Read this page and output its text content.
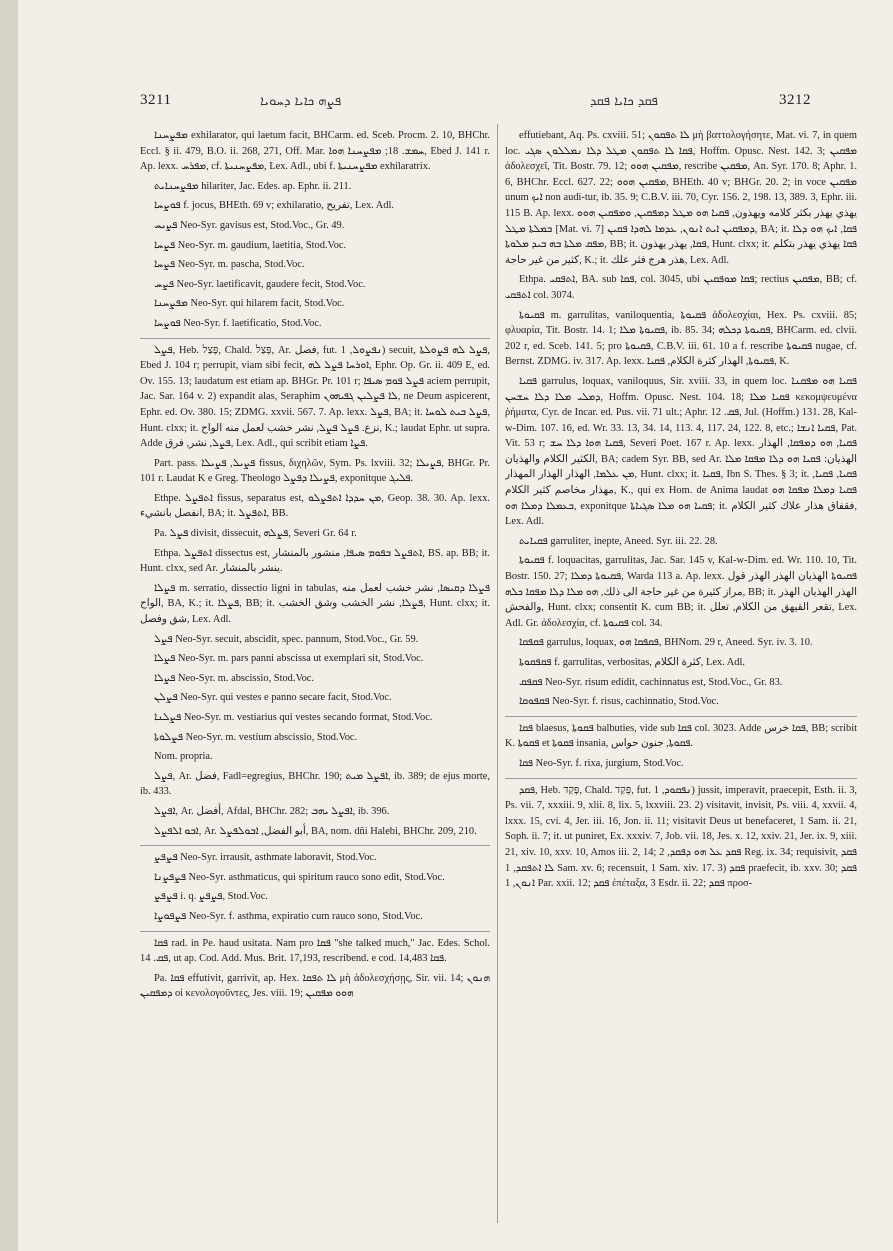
3211	ܦܨܗ ܟܐܝܐ ܕܚܘܝܐ	ܦܩܕ ܟܐܝܐ ܦܩܕ	3212

ܡܦܨܚܢܐ exhilarator, qui laetum facit, BHCarm. ed. Sceb. Procm. 2. 10, BHChr. Eccl. § ii. 479, B.O. ii. 268, 271, Off. Mar. ܚܡܫ. 18; ܡܦܨܚܢܐ ܗܘܐ, Ebed J. 141 r. Ap. lexx. ܡܦܪܚ, cf. ܡܦܨܚܢܝܬܐ, Lex. Adl., ubi f. ܡܦܨܚܢܝܬܐ exhilaratrix.

ܡܦܨܚܢܐܝܬ hilariter, Jac. Edes. ap. Ephr. ii. 211.

ܦܘܨܚܐ f. jocus, BHEth. 69 v; exhilaratio, تفريح, Lex. Adl.

ܦܨܝܚ Neo-Syr. gavisus est, Stod.Voc., Gr. 49.

ܦܨܚܐ Neo-Syr. m. gaudium, laetitia, Stod.Voc.

ܦܨܚܐ Neo-Syr. m. pascha, Stod.Voc.

ܦܨܚ Neo-Syr. laetificavit, gaudere fecit, Stod.Voc.

ܡܦܨܚܢܐ Neo-Syr. qui hilarem facit, Stod.Voc.

ܦܘܨܚܐ Neo-Syr. f. laetificatio, Stod.Voc.

ܦܨܠ, Heb. פָּצַל, Chald. פְּצַל, Ar. فصل, fut. ܢܦܨܘܠ, 1) secuit, ܦܨܠ ܠܗ ܦܨܘܠܬܐ, Ebed J. 104 r; perrupit, viam sibi fecit, ܐܘܪܚܐ ܦܨܠ ܠܗ, Ephr. Op. Gr. ii. 409 E, ed. Ov. 155. 13; laudatum est etiam ap. BHGr. Pr. 101 r; ܦܨܠ ܦܘܡ ܣܝܦܐ aciem perrupit, Jac. Sar. 164 v. 2) expandit alas, Seraphim ܠܐ ܦܨܠܝܢ ܓܦܝܗܘܢ, ne Deum aspicerent, Ephr. ed. Ov. 380. 15; ZDMG. xxvii. 567. 7. Ap. lexx. ܦܨܠ, BA; it. ܦܨܠ ܒܝܬ ܠܘܚܐ, Hunt. clxx; it. نزع. ܦܨܠ ܦܨܠ, نشر خشب لعمل منه الواح, K.; laudat Ephr. ut supra. Adde ܦܨܠ, نشر, فرق, Lex. Adl., qui scribit etiam ܦܨܐ.

Part. pass. ܦܨܝܠ, ܦܨܝܠܐ fissus, διχηλῶν, Sym. Ps. lxviii. 32; ܦܨܝܠܐ, BHGr. Pr. 101 r. Laudat K e Greg. Theologo ܦܨܝܠܐ ܕܦܨܠ, exponitque ܦܠܝܓ.

Ethpe. ܐܬܦܨܠ fissus, separatus est, ܡܢ ܚܕܕܐ ܐܬܦܨܠܘ, Geop. 38. 30. Ap. lexx. انفصل بانشيء, BA; it. ܐܬܦܨܠ, BB.

Pa. ܦܨܠ divisit, dissecuit, ܦܨܠܗ, Severi Gr. 64 r.

Ethpa. ܐܬܦܨܠ dissectus est, ܐܬܦܨܠ ܒܦܘܡ ܣܝܦܐ, منشور بالمنشار, BS. ap. BB; it. Hunt. clxx, sed Ar. ينشر بالمنشار.

ܦܨܠܐ m. serratio, dissectio ligni in tabulas, ܦܨܠܐ ܕܩܝܣܐ, نشر خشب لعمل منه الواح, BA, K.; it. ܦܨܠܐ, BB; it. ܦܨܠܐ, نشر الخشب وشق الخشب, Hunt. clxx; it. شق وفصل, Lex. Adl.

ܦܨܠ Neo-Syr. secuit, abscidit, spec. pannum, Stod.Voc., Gr. 59.

ܦܨܠܐ Neo-Syr. m. pars panni abscissa ut exemplari sit, Stod.Voc.

ܦܨܠܐ Neo-Syr. m. abscissio, Stod.Voc.

ܦܨܠܢ Neo-Syr. qui vestes e panno secare facit, Stod.Voc.

ܦܨܠܢܐ Neo-Syr. m. vestiarius qui vestes secando format, Stod.Voc.

ܦܨܠܘܬܐ Neo-Syr. m. vestium abscissio, Stod.Voc.

Nom. propria.

ܦܨܠ, Ar. فضل, Fadl=egregius, BHChr. 190; ܐܦܨܠ ܡܝܬ, ib. 389; de ejus morte, ib. 433.

ܐܦܨܠ, Ar. أفضل, Afdal, BHChr. 282; ܐܦܨܠ ܝܗܒ, ib. 396.

ܐܒܘ ܐܠܦܨܠ, Ar. أبو الفضل, ܐܒܘܠܦܨܠ, BA, nom. dñi Halebi, BHChr. 209, 210.

ܦܨܦܨ Neo-Syr. irrausit, asthmate laboravit, Stod.Voc.

ܦܨܦܨܢܐ Neo-Syr. asthmaticus, qui spiritum rauco sono edit, Stod.Voc.

ܦܨܦܨ i. q. ܦܨܦܨ, Stod.Voc.

ܦܨܦܘܨܐ Neo-Syr. f. asthma, expiratio cum rauco sono, Stod.Voc.

ܦܩܐ rad. in Pe. haud usitata. Nam pro ܦܩܐ "she talked much," Jac. Edes. Schol. ܦܩ. 14, ut ap. Cod. Add. Mus. Brit. 17,193, rescribend. e cod. 14,483 ܦܩܐ.

Pa. ܦܩܐ effutivit, garrivit, ap. Hex. ܠܐ ܬܦܩܐ μὴ ἀδολεσχήσῃς, Sir. vii. 14; ܗܢܘܢ ܕܡܦܩܝܢ οἱ κενολογοῦντες, Jes. viii. 19; ܗܘܘ ܡܦܩܝܢ

effutiebant, Aq. Ps. cxviii. 51; ܠܐ ܬܦܩܘܢ μὴ βαττολογήσητε, Mat. vi. 7, in quem loc. ܦܩܐ ܠܐ ܬܦܩܘܢ ܡܛܠ ܕܠܐ ܢܡܠܠܘܢ ܣܓܝ, Hoffm. Opusc. Nest. 142. 3; ܡܦܩܝܢ ἀδολεσχεῖ, Tit. Bostr. 79. 12; ܡܦܩܝܢ ܗܘܘ, rescribe ܡܦܩܝܢ, An. Syr. 170. 8; Aphr. 1. 6, BHChr. Eccl. 627. 22; ܡܦܩܝܢ ܗܘܘ, BHEth. 40 v; BHGr. 20. 2; in voce ܡܦܩܝܢ unum ܐܝܟ non audi-tur, ib. 35. 9; C.B.V. iii. 70, Cyr. 156. 2, 198. 13, 389. 3, Ephr. iii. 115 B. Ap. lexx. يهذي يهذر بكثر كلامه ويهذون, ܦܩܝܐ ܗܘ ܡܛܠ ܕܡܦܩܝܢ, ܘܡܦܩܝܢ ܗܘܘ ܒܡܠܬܐ ܡܛܠ [Mat. vi. 7] ܕܡܦܩܝܢ ܐܝܬ ܐܢܘܢ, ܥܕܡܐ ܠܗܕܐ ܦܩܝܢ, BA; it. ܦܩܐ, ܐܝܟ ܗܘ ܕܠܐ ܡܦܩ ܡܠܬܐ ܒܗ ܒܝܕ ܡܠܘܬܐ, BB; it. ܦܩܐ, يهذر يهذون, Hunt. clxx; it. ܦܩܐ يهذي يهذر بتكلم كثير من غير حاجة, K.; it. هذر هرج فثر علك, Lex. Adl.

Ethpa. ܐܬܦܩܝ, BA. sub ܦܩܐ, col. 3045, ubi ܦܩܐ ܡܘܦܩܝܢ; rectius ܡܦܩܝܢ, BB; cf. ܐܬܦܩܝ col. 3074.

ܦܩܝܘܬܐ m. garrulitas, vaniloquentia, ܦܩܝܘܬܐ ἀδολεσχίαι, Hex. Ps. cxviii. 85; φλυαρία, Tit. Bostr. 14. 1; ܦܩܝܘܬܐ ܡܠܐ, ib. 85. 34; ܦܩܝܘܬܐ ܕܟܠܗ, BHCarm. ed. clvii. 202 r, ed. Sceb. 141. 5; pro ܦܩܝܘܬܐ, C.B.V. iii. 61. 10 a f. rescribe ܦܩܝܘܬܐ nugae, cf. Bernst. ZDMG. iv. 317. Ap. lexx. ܦܩܝܘܬܐ, الهذار كثرة الكلام, ܦܩܝܐ, K.

ܦܩܝܐ garrulus, loquax, vaniloquus, Sir. xviii. 33, in quem loc. ܦܩܝܐ ܗܘ ܡܦܩܢܐ ܕܡܠܝ ܡܠܐ ܕܠܐ ܚܫܚܢ, Hoffm. Opusc. Nest. 104. 18; ܦܩܝܐ ܡܠܐ κεκομψευμένα ῥήματα, Cyr. de Incar. ed. Pus. vii. 71 ult.; Aphr. ܦܩ. 12, Jul. (Hoffm.) 131. 28, Kal-w-Dim. 107. 16, ed. Wr. 33. 13, 34. 14, 113. 4, 117. 24, 122. 8, etc.; ܦܩܝܐ ܐܢܫܐ, Pat. Vit. 53 r; ܦܩܝܐ ܗܘܐ ܕܠܐ ܚܫ, Severi Poet. 167 r. Ap. lexx. ܦܩܝܐ, ܗܘ ܕܡܦܩܐ, الهذار الكثير الكلام والهذيان, BA; cadem Syr. BB, sed Ar. الهذيان: ܦܩܝܐ ܗܘ ܕܠܐ ܡܦܩܐ ܡܠܐ ܡܢ ܥܠܡܐ, الهذار الهذار المهذار, Hunt. clxx; it. ܦܩܝܐ, Ibn S. Thes. § 3; it. ܦܩܝܐ, ܦܩܝܐ, مهذار مخاصم كثير الكلام, K., qui ex Hom. de Anima laudat ܦܩܝܐ ܕܡܠܐ ܡܦܩܐ ܗܘ ܒܥܡܠܐ ܕܡܠܐ ܗܘ, exponitque ܦܩܝܐ ܗܘ ܡܠܐ ܣܓܝܐܬܐ; it. فقفاق هذار علاك كثير الكلام, Lex. Adl.

ܦܩܝܐܝܬ garruliter, inepte, Aneed. Syr. iii. 22. 28.

ܦܩܝܘܬܐ f. loquacitas, garrulitas, Jac. Sar. 145 v, Kal-w-Dim. ed. Wr. 110. 10, Tit. Bostr. 150. 27; ܦܩܝܘܬܐ ܕܡܠܐ, Warda 113 a. Ap. lexx. ܦܩܝܘܬܐ الهذيان الهذر الهذر قول مراز كثيرة من غير حاجة الى ذلك, ܗܘ ܡܠܐ ܕܠܐ ܡܦܩܐ ܟܠܗ, BB; it. الهذر الهذيان الهذر والفحش, Hunt. clxx; consentit K. cum BB; it. تقعر القيهق من الكلام, تعلل, Lex. Adl. Gr. ἀδολεσχία, cf. ܦܩܝܘܬܐ col. 34.

ܦܩܦܩܐ garrulus, loquax, ܦܩܦܩܐ ܗܘ, BHNom. 29 r, Aneed. Syr. iv. 3. 10.

ܦܩܦܩܘܬܐ f. garrulitas, verbositas, كثرة الكلام, Lex. Adl.

ܦܩܦܩ Neo-Syr. risum edidit, cachinnatus est, Stod.Voc., Gr. 83.

ܦܩܦܘܩܐ Neo-Syr. f. risus, cachinnatio, Stod.Voc.

ܦܩܐ blaesus, ܦܩܘܬܐ balbuties, vide sub ܦܩܐ col. 3023. Adde ܦܩܐ خرس, BB; scribit K. ܦܩܘܬܐ et ܦܩܘܬܐ insania, ܦܩܘܬܐ, جنون حواس.

ܦܩܐ Neo-Syr. f. rixa, jurgium, Stod.Voc.

ܦܩܕ, Heb. פָּקַד, Chald. פְּקַד, fut. ܢܦܩܘܕ, 1) jussit, imperavit, praecepit, Esth. ii. 3, Ps. vii. 7, xxxiii. 9, xlii. 8, lix. 5, lxxviii. 23. 2) visitavit, invisit, Ps. viii. 4, xxvii. 4, lxxx. 15, cvi. 4, Jer. iii. 16, Jon. ii. 11; visitavit Deus ut benefaceret, 1 Sam. ii. 21, Soph. ii. 7; it. ut puniret, Ex. xxxiv. 7, Job. vii. 18, Jes. x. 12, xxiv. 21, Jer. ix. 9, xiii. 21, xiv. 10, xxv. 10, Amos iii. 2, 14; ܦܩܕ ܥܠ ܗܘ ܕܦܩܕ, 2 Reg. ix. 34; requisivit, ܦܩܕ ܠܐ ܐܬܦܩܕ, 1 Sam. xv. 6; recensuit, 1 Sam. xiv. 17. 3) ܦܩܕ praefecit, ib. xxv. 30; ܦܩܕ ܐܢܘܢ, 1 Par. xxii. 12; ܦܩܕ ἐπέταξα, 3 Esdr. ii. 22; ܦܩܕ προσ-
